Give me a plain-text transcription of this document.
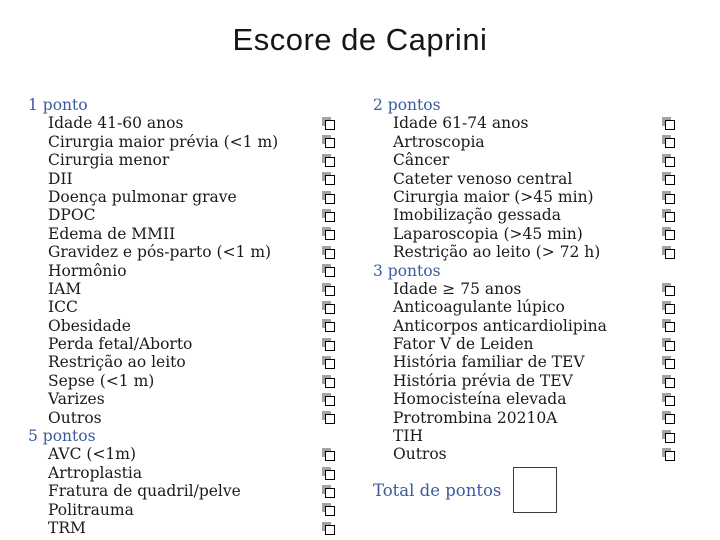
Escore de Caprini
1 ponto
Idade 41-60 anos
Cirurgia maior prévia (<1 m)
Cirurgia menor
DII
Doença pulmonar grave
DPOC
Edema de MMII
Gravidez e pós-parto (<1 m)
Hormônio
IAM
ICC
Obesidade
Perda fetal/Aborto
Restrição ao leito
Sepse (<1 m)
Varizes
Outros
5 pontos
AVC (<1m)
Artroplastia
Fratura de quadril/pelve
Politrauma
TRM
2 pontos
Idade 61-74 anos
Artroscopia
Câncer
Cateter venoso central
Cirurgia maior (>45 min)
Imobilização gessada
Laparoscopia (>45 min)
Restrição ao leito (> 72 h)
3 pontos
Idade ≥ 75 anos
Anticoagulante lúpico
Anticorpos anticardiolipina
Fator V de Leiden
História familiar de TEV
História prévia de TEV
Homocisteína elevada
Protrombina 20210A
TIH
Outros
Total de pontos
